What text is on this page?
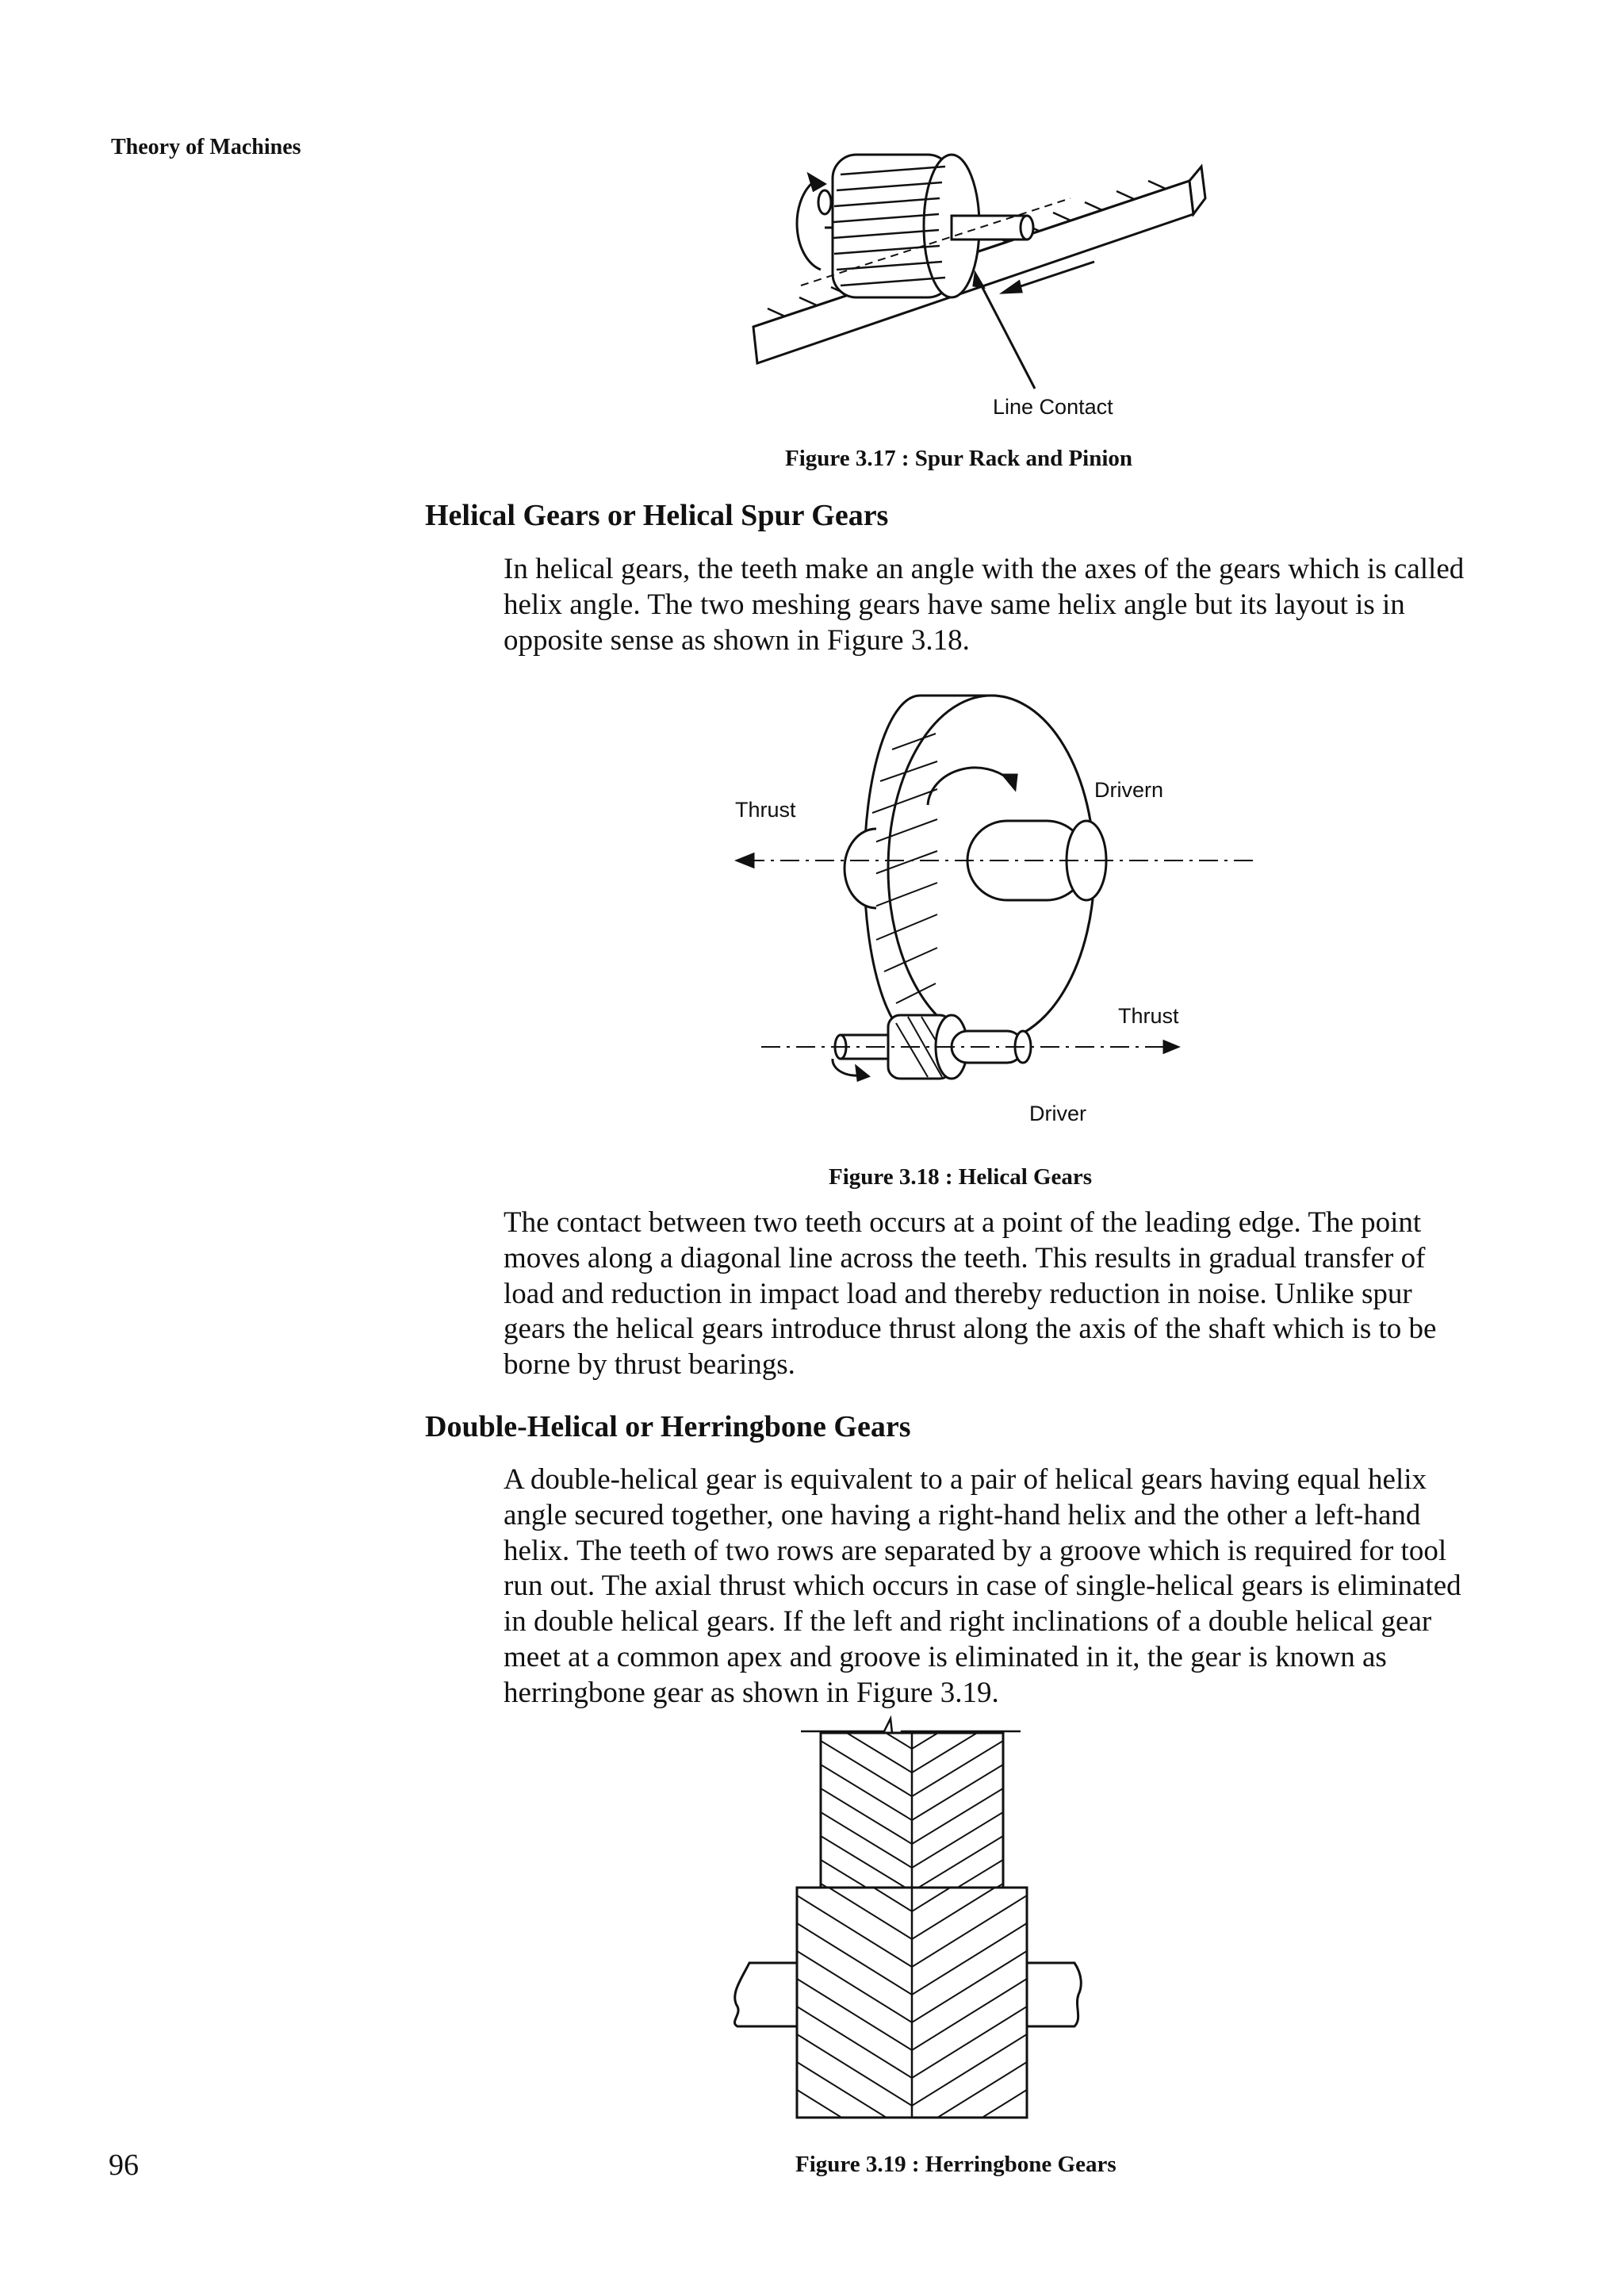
Theory of Machines
Line Contact
Figure 3.17 : Spur Rack and Pinion
Helical Gears or Helical Spur Gears

In helical gears, the teeth make an angle with the axes of the gears which is called
helix angle. The two meshing gears have same helix angle but its layout is in
opposite sense as shown in Figure 3.18.

Thrust
Drivern
Thrust
Driver
Figure 3.18 : Helical Gears

The contact between two teeth occurs at a point of the leading edge. The point
moves along a diagonal line across the teeth. This results in gradual transfer of
load and reduction in impact load and thereby reduction in noise. Unlike spur
gears the helical gears introduce thrust along the axis of the shaft which is to be
borne by thrust bearings.

Double-Helical or Herringbone Gears

A double-helical gear is equivalent to a pair of helical gears having equal helix
angle secured together, one having a right-hand helix and the other a left-hand
helix. The teeth of two rows are separated by a groove which is required for tool
run out. The axial thrust which occurs in case of single-helical gears is eliminated
in double helical gears. If the left and right inclinations of a double helical gear
meet at a common apex and groove is eliminated in it, the gear is known as
herringbone gear as shown in Figure 3.19.

Figure 3.19 : Herringbone Gears
96
